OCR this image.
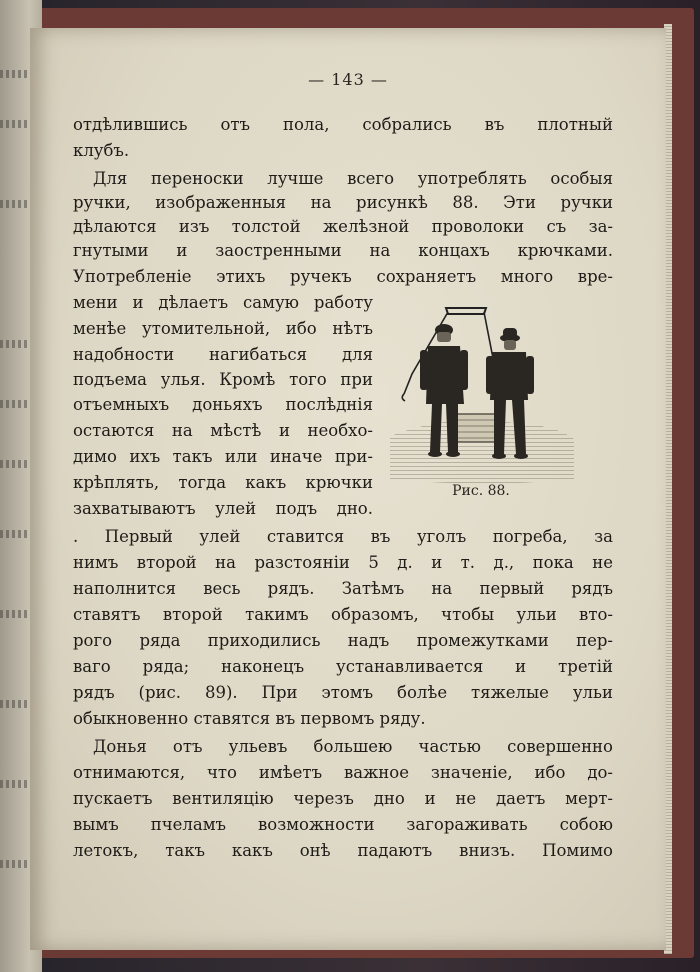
— 143 —
отдѣлившись отъ пола, собрались въ плотный
клубъ.
Для переноски лучше всего употреблять особыя
ручки, изображенныя на рисункѣ 88. Эти ручки
дѣлаются изъ толстой желѣзной проволоки съ за-
гнутыми и заостренными на концахъ крючками.
Употребленіе этихъ ручекъ сохраняетъ много вре-
мени и дѣлаетъ самую работу
менѣе утомительной, ибо нѣтъ
надобности нагибаться для
подъема улья. Кромѣ того при
отъемныхъ доньяхъ послѣднія
остаются на мѣстѣ и необхо-
димо ихъ такъ или иначе при-
крѣплять, тогда какъ крючки
захватываютъ улей подъ дно.
Рис. 88.
. Первый улей ставится въ уголъ погреба, за
нимъ второй на разстояніи 5 д. и т. д., пока не
наполнится весь рядъ. Затѣмъ на первый рядъ
ставятъ второй такимъ образомъ, чтобы ульи вто-
рого ряда приходились надъ промежутками пер-
ваго ряда; наконецъ устанавливается и третій
рядъ (рис. 89). При этомъ болѣе тяжелые ульи
обыкновенно ставятся въ первомъ ряду.
Донья отъ ульевъ большею частью совершенно
отнимаются, что имѣетъ важное значеніе, ибо до-
пускаетъ вентиляцію черезъ дно и не даетъ мерт-
вымъ пчеламъ возможности загораживать собою
летокъ, такъ какъ онѣ падаютъ внизъ. Помимо
